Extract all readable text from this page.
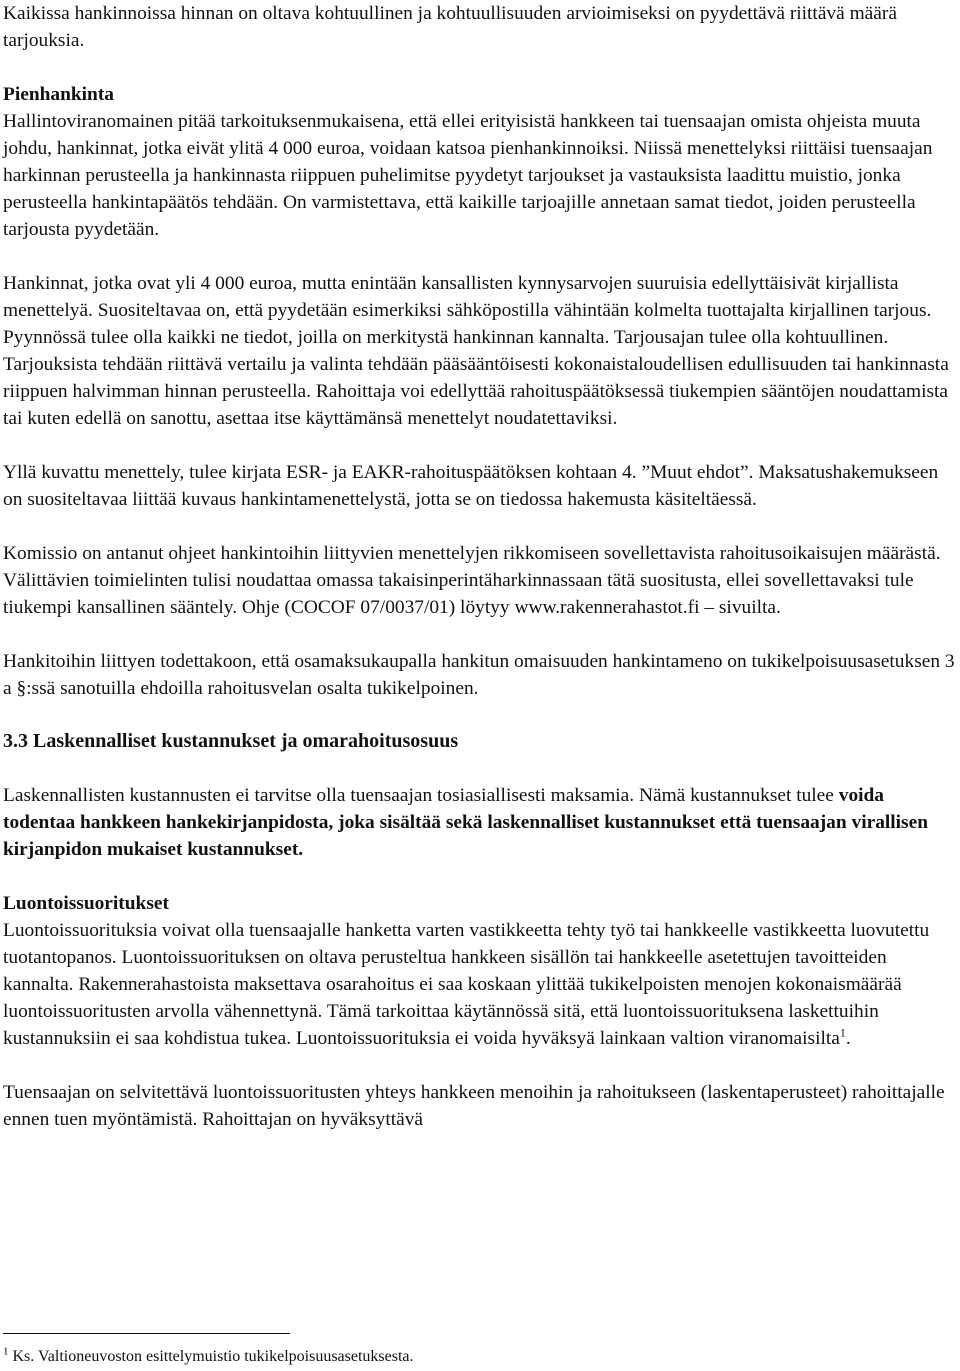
Kaikissa hankinnoissa hinnan on oltava kohtuullinen ja kohtuullisuuden arvioimiseksi on pyydettävä riittävä määrä tarjouksia.

Pienhankinta

Hallintoviranomainen pitää tarkoituksenmukaisena, että ellei erityisistä hankkeen tai tuensaajan omista ohjeista muuta johdu, hankinnat, jotka eivät ylitä 4 000 euroa, voidaan katsoa pienhankinnoiksi. Niissä menettelyksi riittäisi tuensaajan harkinnan perusteella ja hankinnasta riippuen puhelimitse pyydetyt tarjoukset ja vastauksista laadittu muistio, jonka perusteella hankintapäätös tehdään. On varmistettava, että kaikille tarjoajille annetaan samat tiedot, joiden perusteella tarjousta pyydetään.

Hankinnat, jotka ovat yli 4 000 euroa, mutta enintään kansallisten kynnysarvojen suuruisia edellyttäisivät kirjallista menettelyä. Suositeltavaa on, että pyydetään esimerkiksi sähköpostilla vähintään kolmelta tuottajalta kirjallinen tarjous. Pyynnössä tulee olla kaikki ne tiedot, joilla on merkitystä hankinnan kannalta. Tarjousajan tulee olla kohtuullinen. Tarjouksista tehdään riittävä vertailu ja valinta tehdään pääsääntöisesti kokonaistaloudellisen edullisuuden tai hankinnasta riippuen halvimman hinnan perusteella. Rahoittaja voi edellyttää rahoituspäätöksessä tiukempien sääntöjen noudattamista tai kuten edellä on sanottu, asettaa itse käyttämänsä menettelyt noudatettaviksi.

Yllä kuvattu menettely, tulee kirjata ESR- ja EAKR-rahoituspäätöksen kohtaan 4. ”Muut ehdot”. Maksatushakemukseen on suositeltavaa liittää kuvaus hankintamenettelystä, jotta se on tiedossa hakemusta käsiteltäessä.

Komissio on antanut ohjeet hankintoihin liittyvien menettelyjen rikkomiseen sovellettavista rahoitusoikaisujen määrästä. Välittävien toimielinten tulisi noudattaa omassa takaisinperintäharkinnassaan tätä suositusta, ellei sovellettavaksi tule tiukempi kansallinen sääntely. Ohje (COCOF 07/0037/01) löytyy www.rakennerahastot.fi – sivuilta.

Hankitoihin liittyen todettakoon, että osamaksukaupalla hankitun omaisuuden hankintameno on tukikelpoisuusasetuksen 3 a §:ssä sanotuilla ehdoilla rahoitusvelan osalta tukikelpoinen.

3.3 Laskennalliset kustannukset ja omarahoitusosuus

Laskennallisten kustannusten ei tarvitse olla tuensaajan tosiasiallisesti maksamia. Nämä kustannukset tulee voida todentaa hankkeen hankekirjanpidosta, joka sisältää sekä laskennalliset kustannukset että tuensaajan virallisen kirjanpidon mukaiset kustannukset.

Luontoissuoritukset

Luontoissuorituksia voivat olla tuensaajalle hanketta varten vastikkeetta tehty työ tai hankkeelle vastikkeetta luovutettu tuotantopanos. Luontoissuorituksen on oltava perusteltua hankkeen sisällön tai hankkeelle asetettujen tavoitteiden kannalta. Rakennerahastoista maksettava osarahoitus ei saa koskaan ylittää tukikelpoisten menojen kokonaismäärää luontoissuoritusten arvolla vähennettynä. Tämä tarkoittaa käytännössä sitä, että luontoissuorituksena laskettuihin kustannuksiin ei saa kohdistua tukea. Luontoissuorituksia ei voida hyväksyä lainkaan valtion viranomaisilta$^1$.

Tuensaajan on selvitettävä luontoissuoritusten yhteys hankkeen menoihin ja rahoitukseen (laskentaperusteet) rahoittajalle ennen tuen myöntämistä. Rahoittajan on hyväksyttävä

$^1$ Ks. Valtioneuvoston esittelymuistio tukikelpoisuusasetuksesta.
